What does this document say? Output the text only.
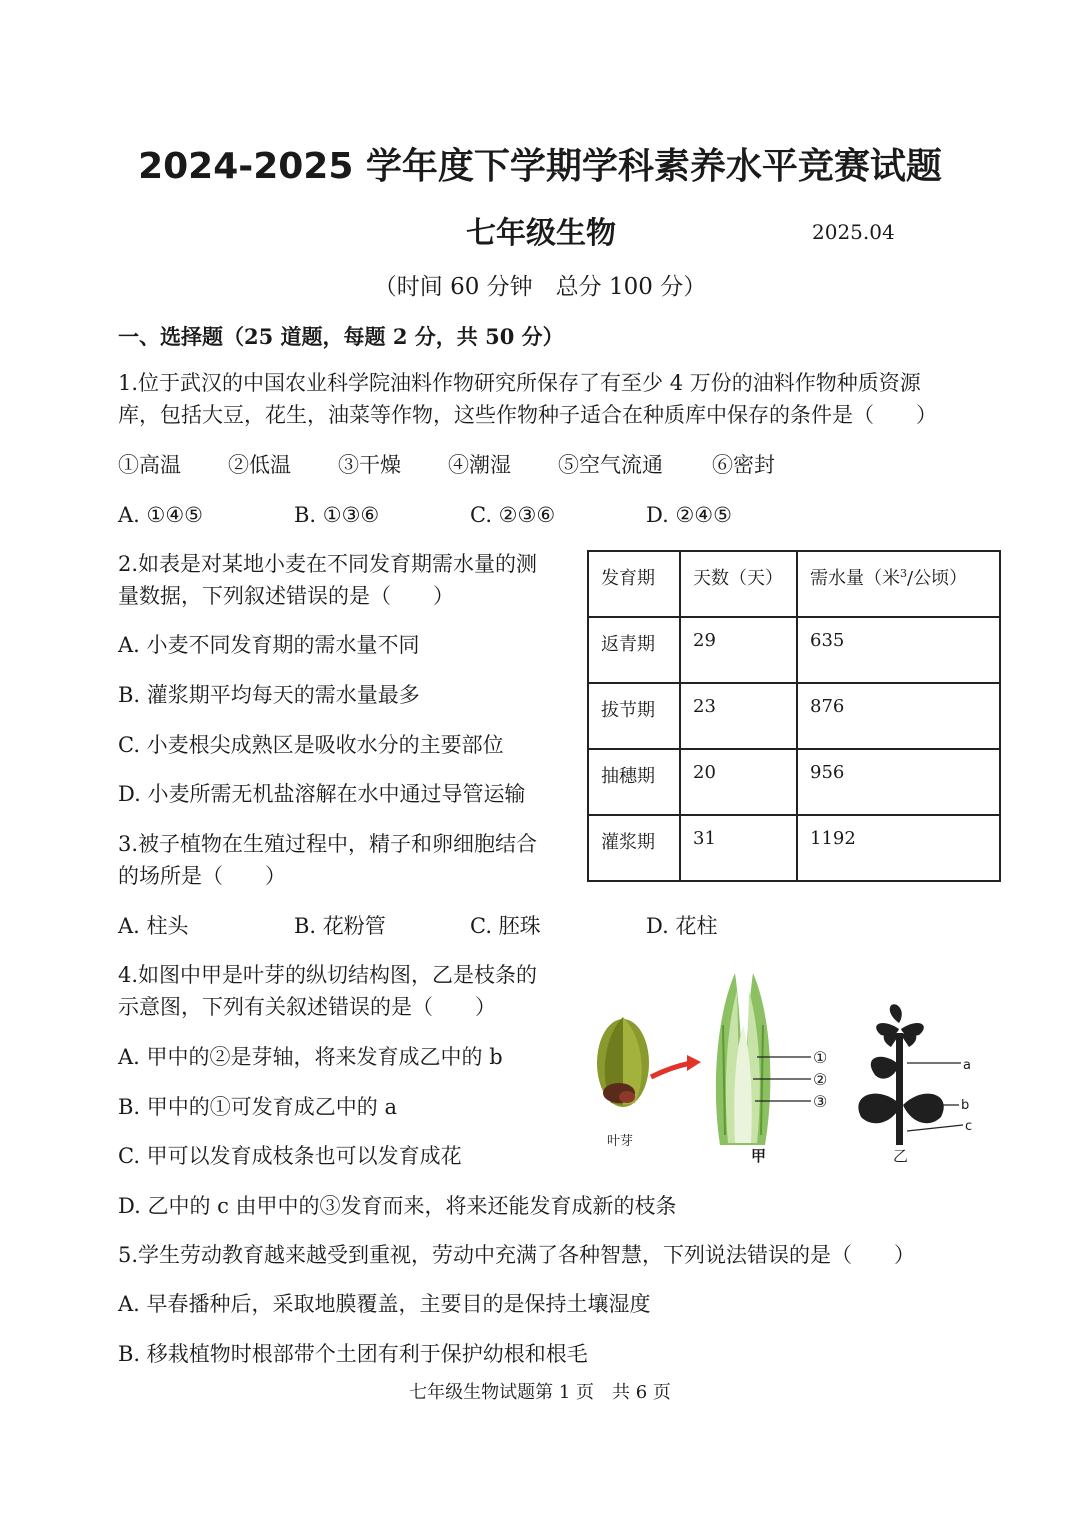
2024-2025 学年度下学期学科素养水平竞赛试题
七年级生物	2025.04
（时间 60 分钟　总分 100 分）
一、选择题（25 道题，每题 2 分，共 50 分）
1.位于武汉的中国农业科学院油料作物研究所保存了有至少 4 万份的油料作物种质资源
库，包括大豆，花生，油菜等作物，这些作物种子适合在种质库中保存的条件是（　　）
①高温 ②低温 ③干燥 ④潮湿 ⑤空气流通 ⑥密封
A. ①④⑤	B. ①③⑥	C. ②③⑥	D. ②④⑤
2.如表是对某地小麦在不同发育期需水量的测
量数据，下列叙述错误的是（　　）
A. 小麦不同发育期的需水量不同
B. 灌浆期平均每天的需水量最多
C. 小麦根尖成熟区是吸收水分的主要部位
D. 小麦所需无机盐溶解在水中通过导管运输
发育期	天数（天）	需水量（米$^3$/公顷）
返青期	29	635
拔节期	23	876
抽穗期	20	956
灌浆期	31	1192
3.被子植物在生殖过程中，精子和卵细胞结合
的场所是（　　）
A. 柱头	B. 花粉管	C. 胚珠	D. 花柱
4.如图中甲是叶芽的纵切结构图，乙是枝条的
示意图，下列有关叙述错误的是（　　）
A. 甲中的②是芽轴，将来发育成乙中的 b
B. 甲中的①可发育成乙中的 a
C. 甲可以发育成枝条也可以发育成花
D. 乙中的 c 由甲中的③发育而来，将来还能发育成新的枝条
叶芽
①
②
③
甲
a
b
c
乙
5.学生劳动教育越来越受到重视，劳动中充满了各种智慧，下列说法错误的是（　　）
A. 早春播种后，采取地膜覆盖，主要目的是保持土壤湿度
B. 移栽植物时根部带个土团有利于保护幼根和根毛
七年级生物试题第 1 页　共 6 页
